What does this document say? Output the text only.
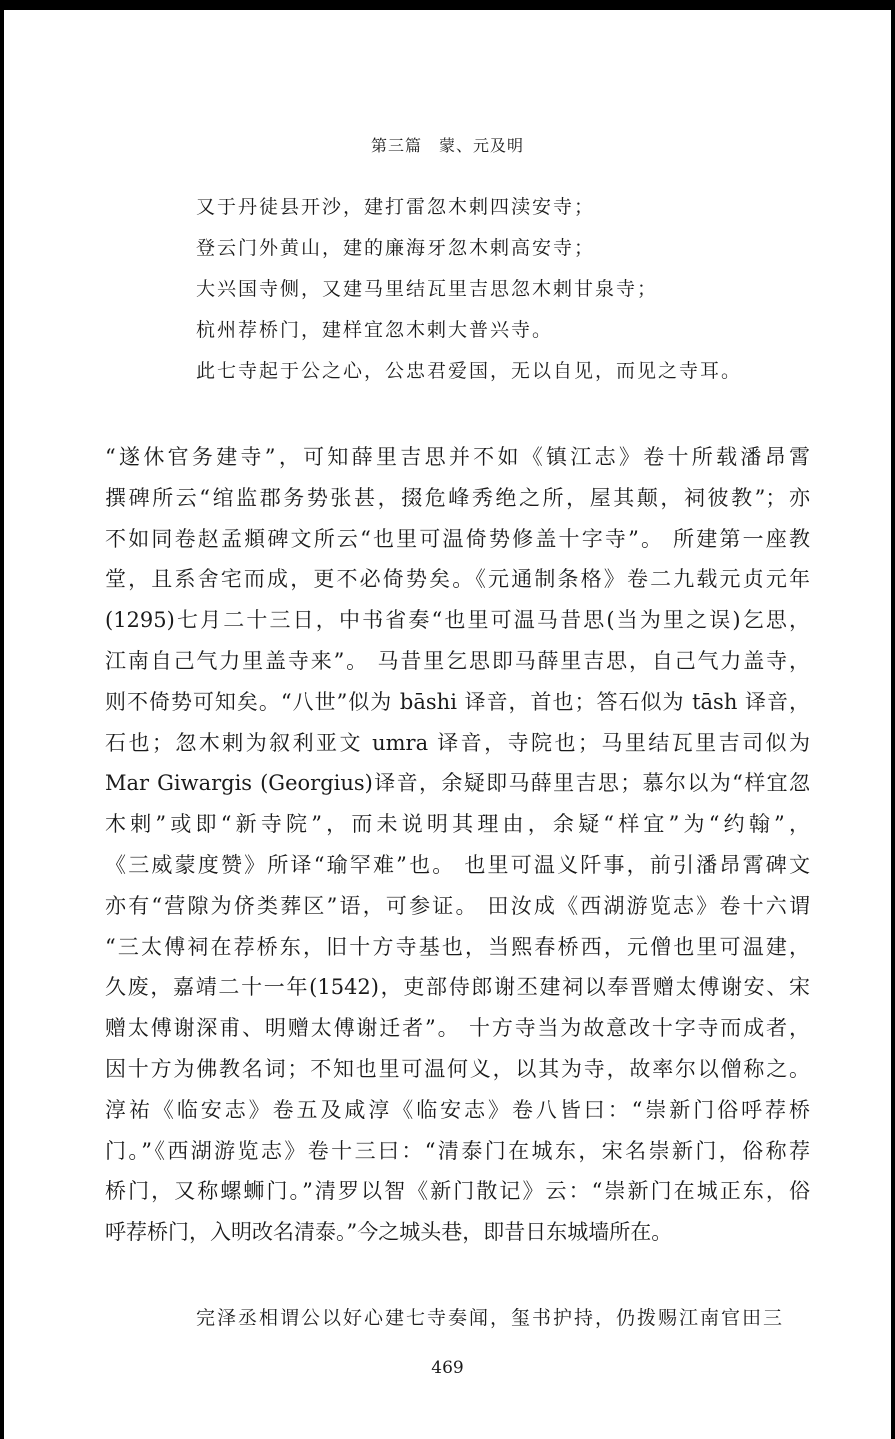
第三篇　蒙、元及明
又于丹徒县开沙，建打雷忽木剌四渎安寺；
登云门外黄山，建的廉海牙忽木剌高安寺；
大兴国寺侧，又建马里结瓦里吉思忽木剌甘泉寺；
杭州荐桥门，建样宜忽木剌大普兴寺。
此七寺起于公之心，公忠君爱国，无以自见，而见之寺耳。
“遂休官务建寺”，可知薛里吉思并不如《镇江志》卷十所载潘昂霄
撰碑所云“绾监郡务势张甚，掇危峰秀绝之所，屋其颠，祠彼教”；亦
不如同卷赵孟頫碑文所云“也里可温倚势修盖十字寺”。 所建第一座教
堂，且系舍宅而成，更不必倚势矣。《元通制条格》卷二九载元贞元年
(1295)七月二十三日，中书省奏“也里可温马昔思(当为里之误)乞思，
江南自己气力里盖寺来”。 马昔里乞思即马薛里吉思，自己气力盖寺，
则不倚势可知矣。“八世”似为 bāshi 译音，首也；答石似为 tāsh 译音，
石也；忽木剌为叙利亚文 umra 译音，寺院也；马里结瓦里吉司似为
Mar Giwargis (Georgius)译音，余疑即马薛里吉思；慕尔以为“样宜忽
木剌”或即“新寺院”，而未说明其理由，余疑“样宜”为“约翰”，
《三威蒙度赞》所译“瑜罕难”也。 也里可温义阡事，前引潘昂霄碑文
亦有“营隙为侪类葬区”语，可参证。 田汝成《西湖游览志》卷十六谓
“三太傅祠在荐桥东，旧十方寺基也，当熙春桥西，元僧也里可温建，
久废，嘉靖二十一年(1542)，吏部侍郎谢丕建祠以奉晋赠太傅谢安、宋
赠太傅谢深甫、明赠太傅谢迁者”。 十方寺当为故意改十字寺而成者，
因十方为佛教名词；不知也里可温何义，以其为寺，故率尔以僧称之。
淳祐《临安志》卷五及咸淳《临安志》卷八皆曰：“崇新门俗呼荐桥
门。”《西湖游览志》卷十三曰：“清泰门在城东，宋名崇新门，俗称荐
桥门，又称螺蛳门。”清罗以智《新门散记》云：“崇新门在城正东，俗
呼荐桥门，入明改名清泰。”今之城头巷，即昔日东城墙所在。
完泽丞相谓公以好心建七寺奏闻，玺书护持，仍拨赐江南官田三
469
